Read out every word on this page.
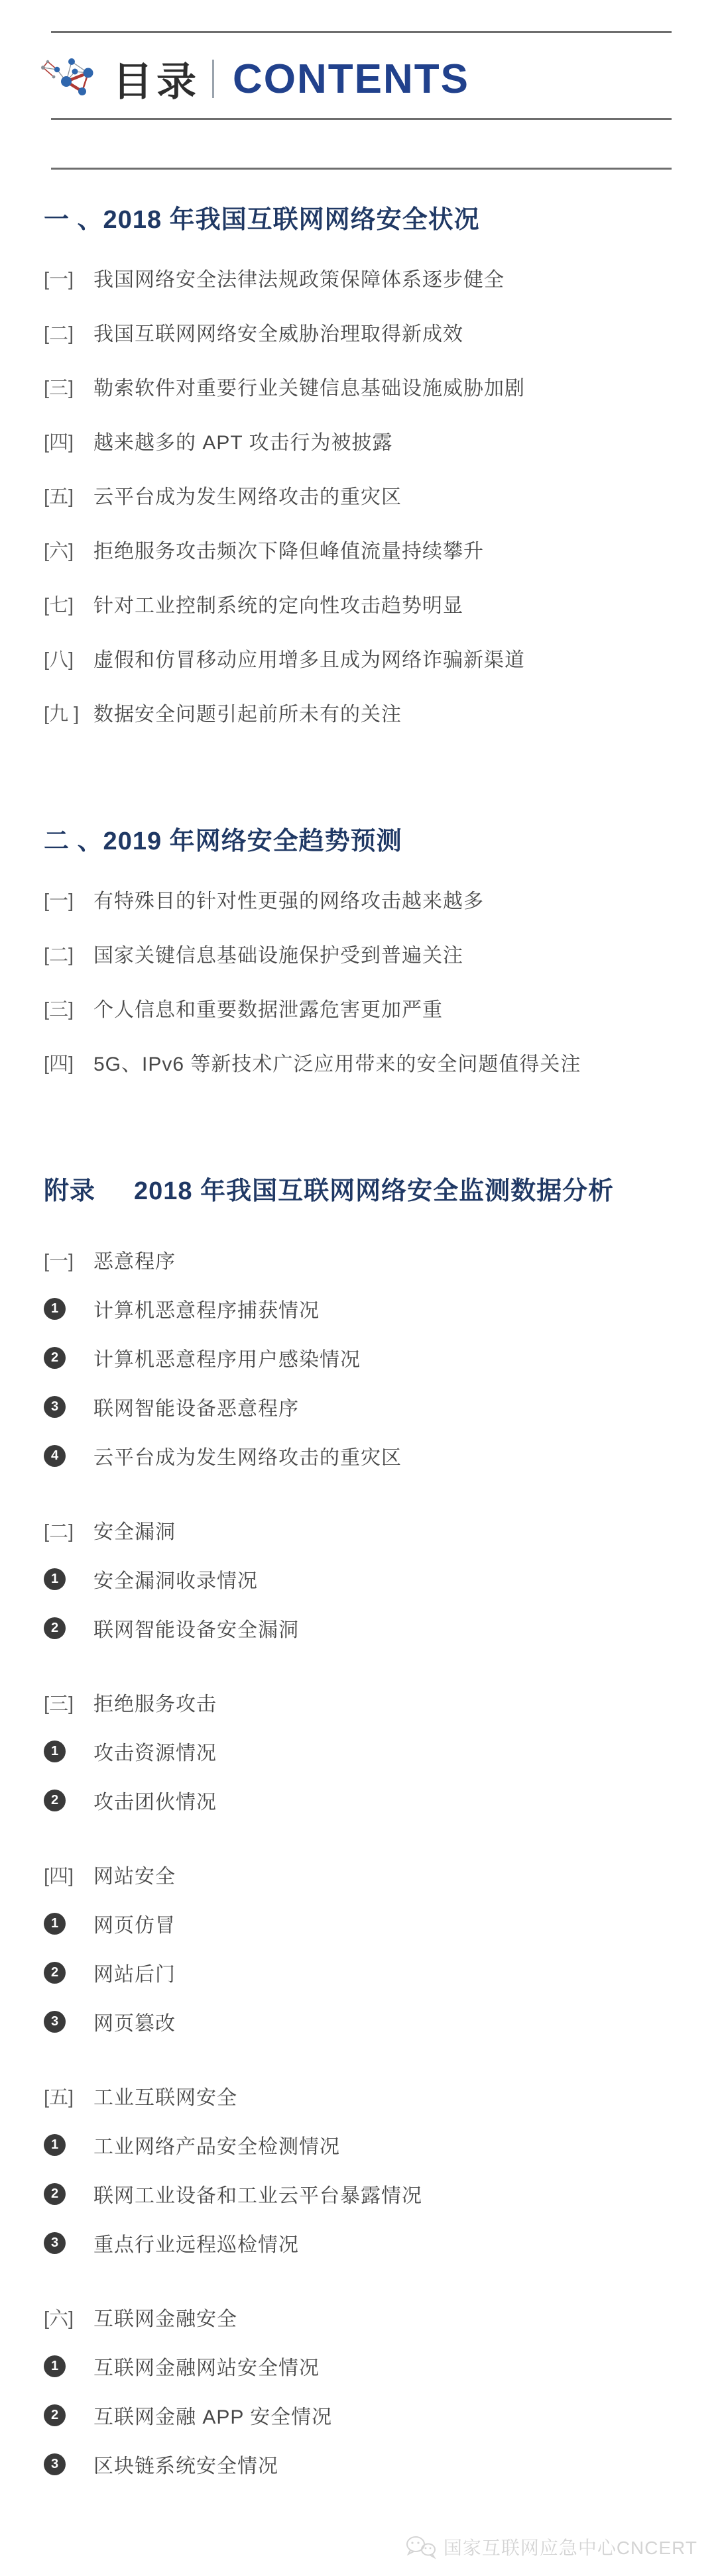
目录 CONTENTS
一 、2018 年我国互联网网络安全状况
[一] 我国网络安全法律法规政策保障体系逐步健全
[二] 我国互联网网络安全威胁治理取得新成效
[三] 勒索软件对重要行业关键信息基础设施威胁加剧
[四] 越来越多的 APT 攻击行为被披露
[五] 云平台成为发生网络攻击的重灾区
[六] 拒绝服务攻击频次下降但峰值流量持续攀升
[七] 针对工业控制系统的定向性攻击趋势明显
[八] 虚假和仿冒移动应用增多且成为网络诈骗新渠道
[九 ] 数据安全问题引起前所未有的关注
二 、2019 年网络安全趋势预测
[一] 有特殊目的针对性更强的网络攻击越来越多
[二] 国家关键信息基础设施保护受到普遍关注
[三] 个人信息和重要数据泄露危害更加严重
[四] 5G、IPv6 等新技术广泛应用带来的安全问题值得关注
附录 2018 年我国互联网网络安全监测数据分析
[一] 恶意程序
1	计算机恶意程序捕获情况
2	计算机恶意程序用户感染情况
3	联网智能设备恶意程序
4	云平台成为发生网络攻击的重灾区
[二] 安全漏洞
1	安全漏洞收录情况
2	联网智能设备安全漏洞
[三] 拒绝服务攻击
1	攻击资源情况
2	攻击团伙情况
[四] 网站安全
1	网页仿冒
2	网站后门
3	网页篡改
[五] 工业互联网安全
1	工业网络产品安全检测情况
2	联网工业设备和工业云平台暴露情况
3	重点行业远程巡检情况
[六] 互联网金融安全
1	互联网金融网站安全情况
2	互联网金融 APP 安全情况
3	区块链系统安全情况
国家互联网应急中心CNCERT
